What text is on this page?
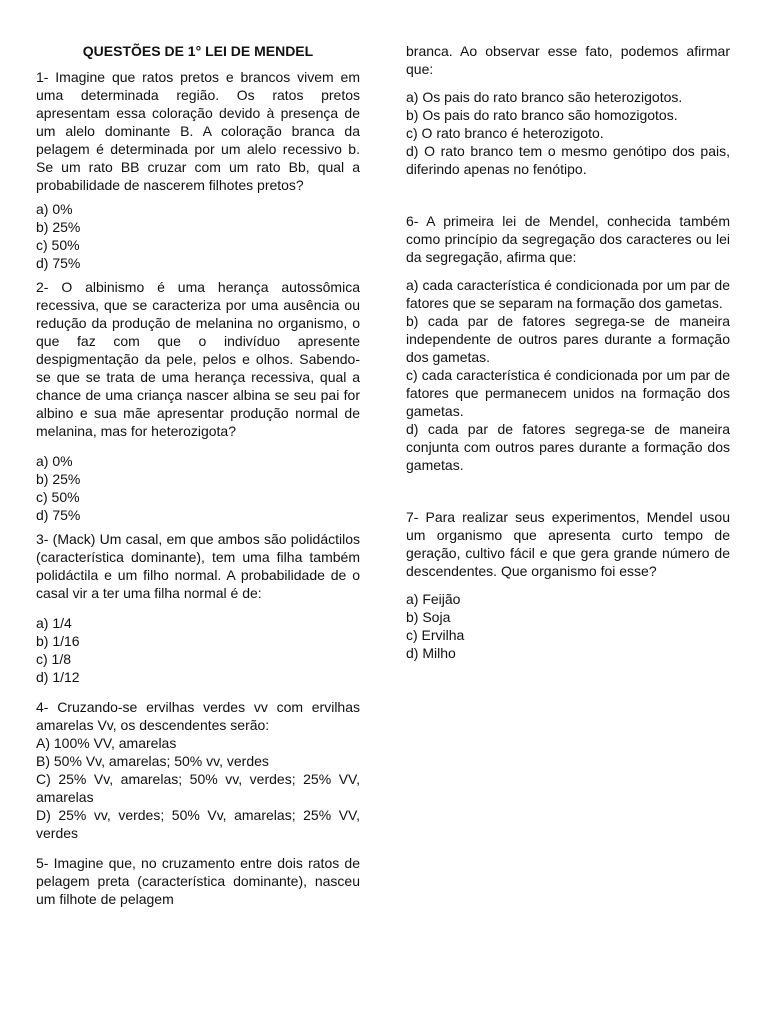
QUESTÕES DE 1° LEI DE MENDEL

1- Imagine que ratos pretos e brancos vivem em uma determinada região. Os ratos pretos apresentam essa coloração devido à presença de um alelo dominante B. A coloração branca da pelagem é determinada por um alelo recessivo b. Se um rato BB cruzar com um rato Bb, qual a probabilidade de nascerem filhotes pretos?

a) 0%
b) 25%
c) 50%
d) 75%

2- O albinismo é uma herança autossômica recessiva, que se caracteriza por uma ausência ou redução da produção de melanina no organismo, o que faz com que o indivíduo apresente despigmentação da pele, pelos e olhos. Sabendo-se que se trata de uma herança recessiva, qual a chance de uma criança nascer albina se seu pai for albino e sua mãe apresentar produção normal de melanina, mas for heterozigota?

a) 0%
b) 25%
c) 50%
d) 75%

3- (Mack) Um casal, em que ambos são polidáctilos (característica dominante), tem uma filha também polidáctila e um filho normal. A probabilidade de o casal vir a ter uma filha normal é de:

a) 1/4
b) 1/16
c) 1/8
d) 1/12

4- Cruzando-se ervilhas verdes vv com ervilhas amarelas Vv, os descendentes serão:

A) 100% VV, amarelas
B) 50% Vv, amarelas; 50% vv, verdes
C) 25% Vv, amarelas; 50% vv, verdes; 25% VV, amarelas
D) 25% vv, verdes; 50% Vv, amarelas; 25% VV, verdes

5- Imagine que, no cruzamento entre dois ratos de pelagem preta (característica dominante), nasceu um filhote de pelagem

branca. Ao observar esse fato, podemos afirmar que:

a) Os pais do rato branco são heterozigotos.
b) Os pais do rato branco são homozigotos.
c) O rato branco é heterozigoto.
d) O rato branco tem o mesmo genótipo dos pais, diferindo apenas no fenótipo.

6- A primeira lei de Mendel, conhecida também como princípio da segregação dos caracteres ou lei da segregação, afirma que:

a) cada característica é condicionada por um par de fatores que se separam na formação dos gametas.
b) cada par de fatores segrega-se de maneira independente de outros pares durante a formação dos gametas.
c) cada característica é condicionada por um par de fatores que permanecem unidos na formação dos gametas.
d) cada par de fatores segrega-se de maneira conjunta com outros pares durante a formação dos gametas.

7- Para realizar seus experimentos, Mendel usou um organismo que apresenta curto tempo de geração, cultivo fácil e que gera grande número de descendentes. Que organismo foi esse?

a) Feijão
b) Soja
c) Ervilha
d) Milho
